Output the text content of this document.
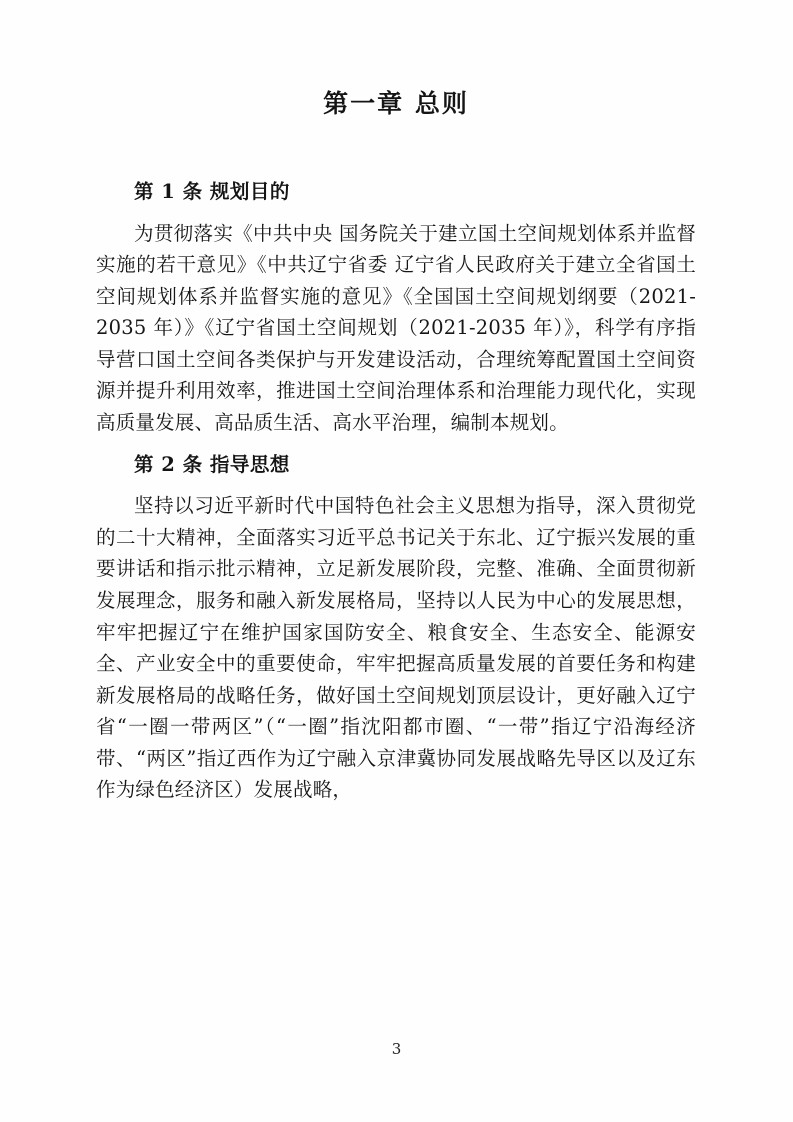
第一章 总则
第 1 条 规划目的

为贯彻落实《中共中央 国务院关于建立国土空间规划体系并监督实施的若干意见》《中共辽宁省委 辽宁省人民政府关于建立全省国土空间规划体系并监督实施的意见》《全国国土空间规划纲要（2021-2035 年）》《辽宁省国土空间规划（2021-2035 年）》，科学有序指导营口国土空间各类保护与开发建设活动，合理统筹配置国土空间资源并提升利用效率，推进国土空间治理体系和治理能力现代化，实现高质量发展、高品质生活、高水平治理，编制本规划。

第 2 条 指导思想

坚持以习近平新时代中国特色社会主义思想为指导，深入贯彻党的二十大精神，全面落实习近平总书记关于东北、辽宁振兴发展的重要讲话和指示批示精神，立足新发展阶段，完整、准确、全面贯彻新发展理念，服务和融入新发展格局，坚持以人民为中心的发展思想，牢牢把握辽宁在维护国家国防安全、粮食安全、生态安全、能源安全、产业安全中的重要使命，牢牢把握高质量发展的首要任务和构建新发展格局的战略任务，做好国土空间规划顶层设计，更好融入辽宁省“一圈一带两区”（“一圈”指沈阳都市圈、“一带”指辽宁沿海经济带、“两区”指辽西作为辽宁融入京津冀协同发展战略先导区以及辽东作为绿色经济区）发展战略，

3
